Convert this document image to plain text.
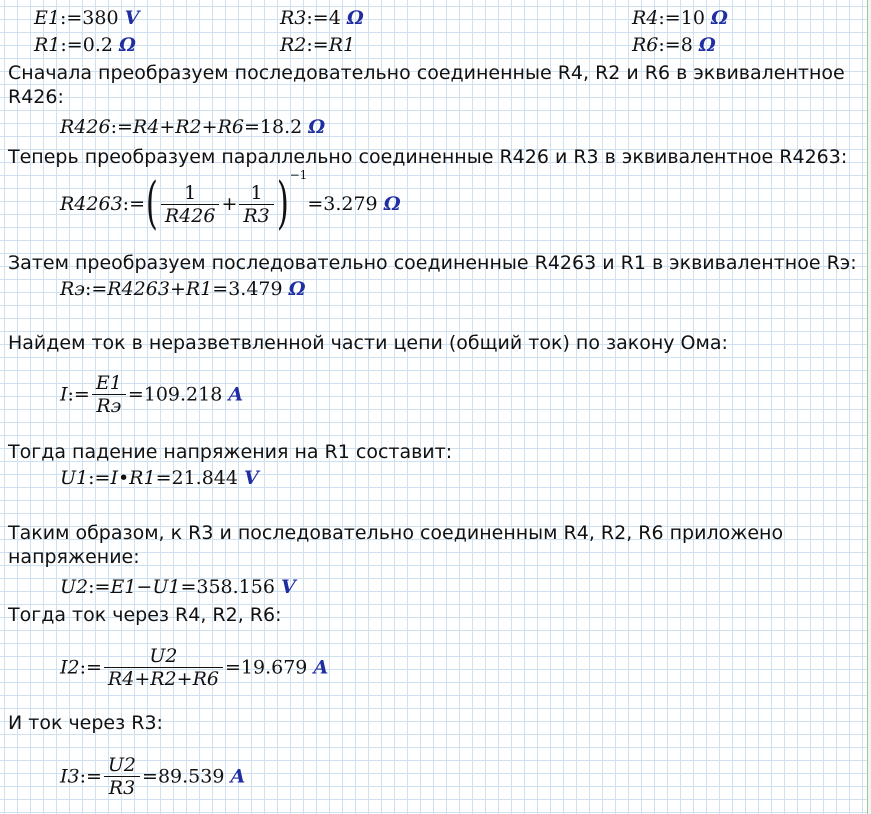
E1:=380 V	R3:=4 Ω	R4:=10 Ω
R1:=0.2 Ω	R2:=R1	R6:=8 Ω
Сначала преобразуем последовательно соединенные R4, R2 и R6 в эквивалентное
R426:
R426:=R4+R2+R6=18.2 Ω
Теперь преобразуем параллельно соединенные R426 и R3 в эквивалентное R4263:
R4263:=( $\frac{1}{R426} + \frac{1}{R3} )^{-1}=3.279$ Ω
Затем преобразуем последовательно соединенные R4263 и R1 в эквивалентное Rэ:
Rэ:=R4263+R1=3.479 Ω
Найдем ток в неразветвленной части цепи (общий ток) по закону Ома:
I:= $\frac{E1}{Rэ} =109.218$ A
Тогда падение напряжения на R1 составит:
U1:=I•R1=21.844 V
Таким образом, к R3 и последовательно соединенным R4, R2, R6 приложено
напряжение:
U2:=E1−U1=358.156 V
Тогда ток через R4, R2, R6:
I2:= $\frac{U2}{R4+R2+R6} =19.679$ A
И ток через R3:
I3:= $\frac{U2}{R3} =89.539$ A
